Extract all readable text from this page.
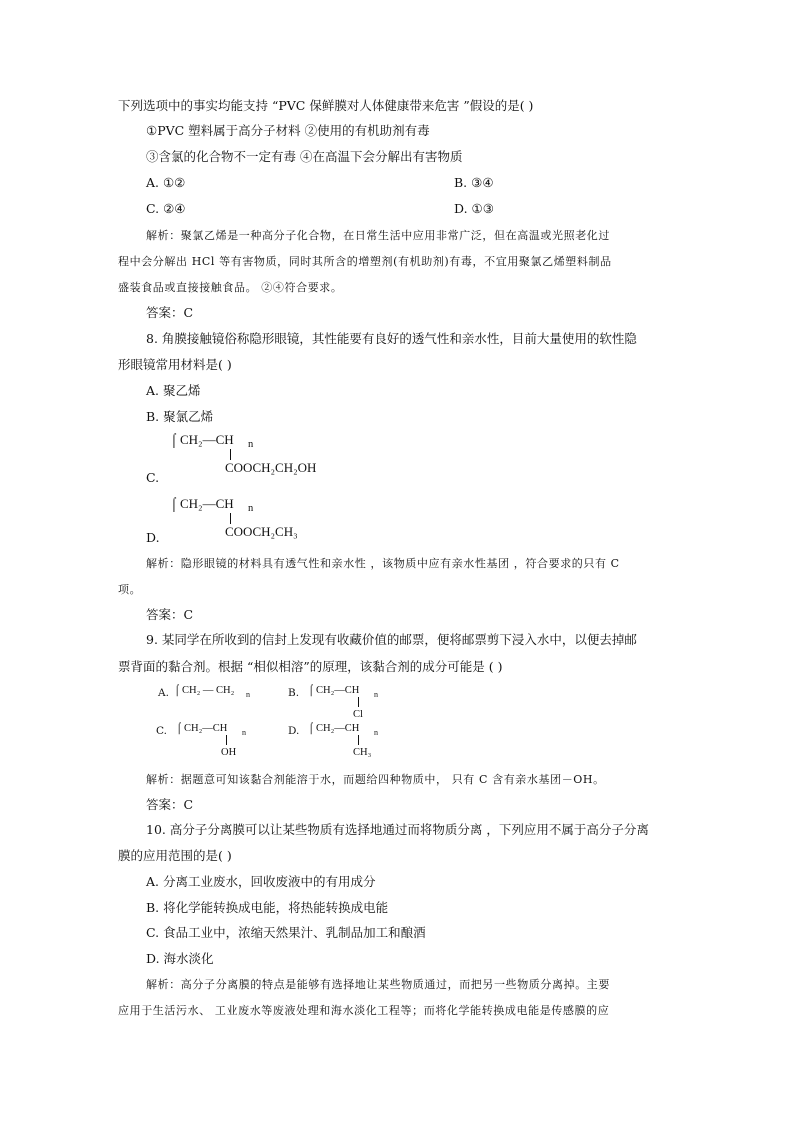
下列选项中的事实均能支持 “PVC 保鲜膜对人体健康带来危害 ”假设的是( )
①PVC 塑料属于高分子材料 ②使用的有机助剂有毒
③含氯的化合物不一定有毒 ④在高温下会分解出有害物质
A. ①②	B. ③④
C. ②④	D. ①③
解析：聚氯乙烯是一种高分子化合物，在日常生活中应用非常广泛，但在高温或光照老化过
程中会分解出 HCl 等有害物质，同时其所含的增塑剂(有机助剂)有毒，不宜用聚氯乙烯塑料制品
盛装食品或直接接触食品。 ②④符合要求。
答案：C
8. 角膜接触镜俗称隐形眼镜，其性能要有良好的透气性和亲水性，目前大量使用的软性隐
形眼镜常用材料是( )
A. 聚乙烯
B. 聚氯乙烯
⌠ CH₂—CH n
COOCH₂CH₂OH
C.
⌠ CH₂—CH n
COOCH₂CH₃
D.
解析：隐形眼镜的材料具有透气性和亲水性 ，该物质中应有亲水性基团 ，符合要求的只有 C
项。
答案：C
9. 某同学在所收到的信封上发现有收藏价值的邮票，便将邮票剪下浸入水中，以便去掉邮
票背面的黏合剂。根据 “相似相溶”的原理，该黏合剂的成分可能是 ( )
A. ⌠ CH₂ — CH₂ n	B. ⌠ CH₂—CH n
Cl
C. ⌠ CH₂—CH n
OH
D. ⌠ CH₂—CH n
CH₃
解析：据题意可知该黏合剂能溶于水，而题给四种物质中， 只有 C 含有亲水基团－OH。
答案：C
10. 高分子分离膜可以让某些物质有选择地通过而将物质分离 ，下列应用不属于高分子分离
膜的应用范围的是( )
A. 分离工业废水，回收废液中的有用成分
B. 将化学能转换成电能，将热能转换成电能
C. 食品工业中，浓缩天然果汁、乳制品加工和酿酒
D. 海水淡化
解析：高分子分离膜的特点是能够有选择地让某些物质通过，而把另一些物质分离掉。主要
应用于生活污水、 工业废水等废液处理和海水淡化工程等；而将化学能转换成电能是传感膜的应
